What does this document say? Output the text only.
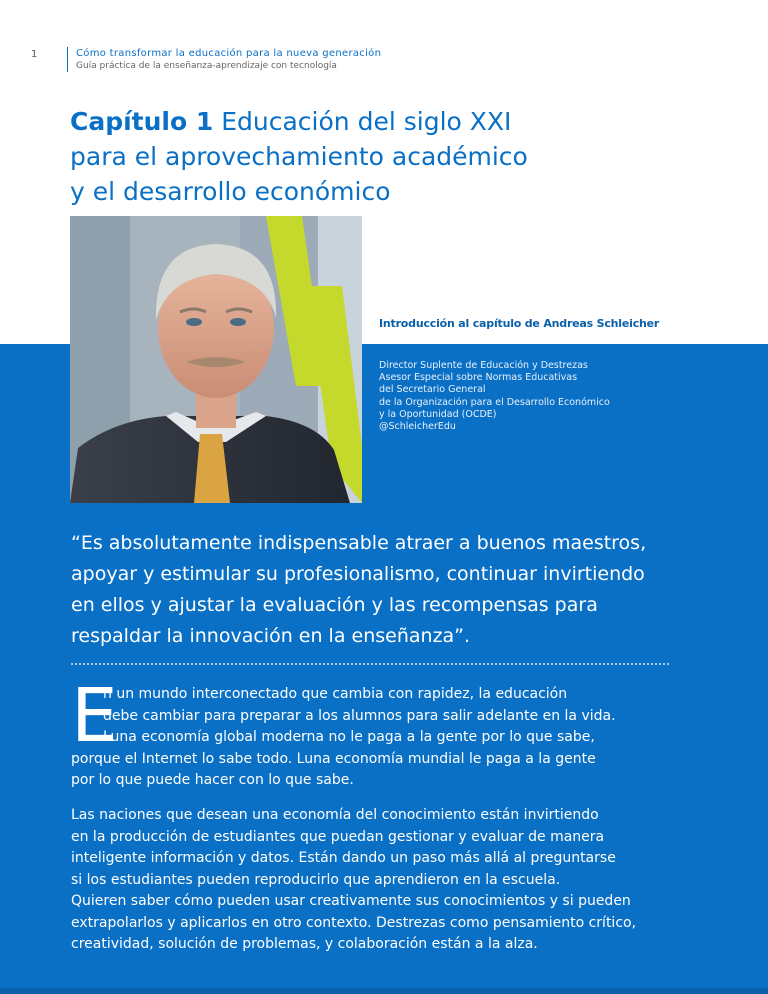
1	Cómo transformar la educación para la nueva generación
Guía práctica de la enseñanza-aprendizaje con tecnología
Capítulo 1 Educación del siglo XXI
para el aprovechamiento académico
y el desarrollo económico
Introducción al capítulo de Andreas Schleicher
Director Suplente de Educación y Destrezas
Asesor Especial sobre Normas Educativas
del Secretario General
de la Organización para el Desarrollo Económico
y la Oportunidad (OCDE)
@SchleicherEdu
“Es absolutamente indispensable atraer a buenos maestros,
apoyar y estimular su profesionalismo, continuar invirtiendo
en ellos y ajustar la evaluación y las recompensas para
respaldar la innovación en la enseñanza”.
E
n un mundo interconectado que cambia con rapidez, la educación
debe cambiar para preparar a los alumnos para salir adelante en la vida.
Luna economía global moderna no le paga a la gente por lo que sabe,
porque el Internet lo sabe todo. Luna economía mundial le paga a la gente
por lo que puede hacer con lo que sabe.
Las naciones que desean una economía del conocimiento están invirtiendo
en la producción de estudiantes que puedan gestionar y evaluar de manera
inteligente información y datos. Están dando un paso más allá al preguntarse
si los estudiantes pueden reproducirlo que aprendieron en la escuela.
Quieren saber cómo pueden usar creativamente sus conocimientos y si pueden
extrapolarlos y aplicarlos en otro contexto. Destrezas como pensamiento crítico,
creatividad, solución de problemas, y colaboración están a la alza.
